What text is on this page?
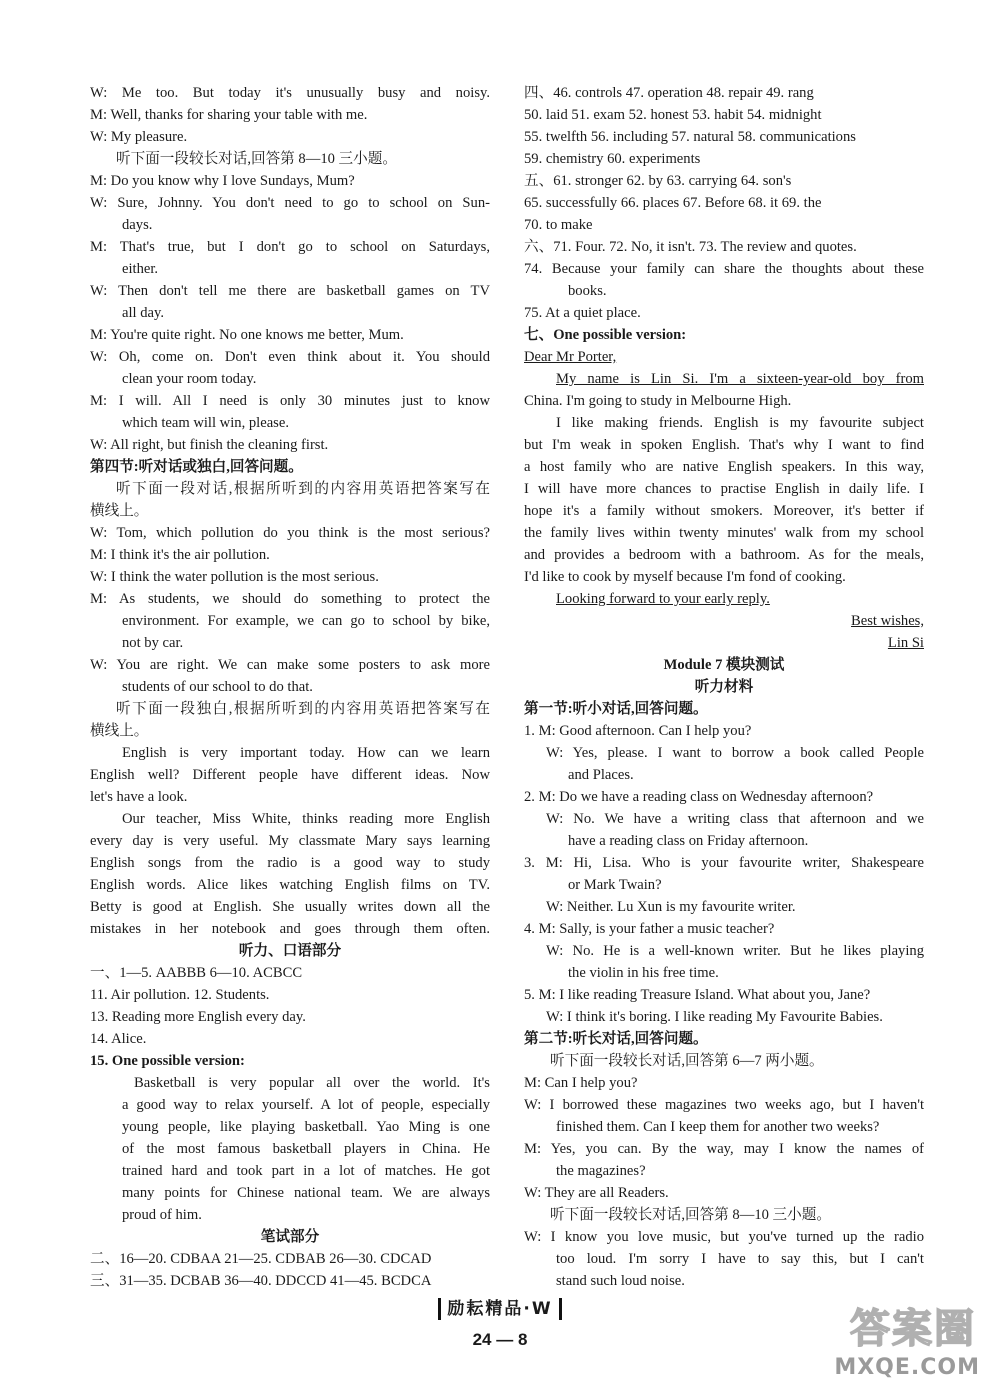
W: Me too. But today it's unusually busy and noisy.
M: Well, thanks for sharing your table with me.
W: My pleasure.
听下面一段较长对话,回答第 8—10 三小题。
M: Do you know why I love Sundays, Mum?
W: Sure, Johnny. You don't need to go to school on Sun-
days.
M: That's true, but I don't go to school on Saturdays,
either.
W: Then don't tell me there are basketball games on TV
all day.
M: You're quite right. No one knows me better, Mum.
W: Oh, come on. Don't even think about it. You should
clean your room today.
M: I will. All I need is only 30 minutes just to know
which team will win, please.
W: All right, but finish the cleaning first.
第四节:听对话或独白,回答问题。
听下面一段对话,根据所听到的内容用英语把答案写在
横线上。
W: Tom, which pollution do you think is the most serious?
M: I think it's the air pollution.
W: I think the water pollution is the most serious.
M: As students, we should do something to protect the
environment. For example, we can go to school by bike,
not by car.
W: You are right. We can make some posters to ask more
students of our school to do that.
听下面一段独白,根据所听到的内容用英语把答案写在
横线上。
English is very important today. How can we learn
English well? Different people have different ideas. Now
let's have a look.
Our teacher, Miss White, thinks reading more English
every day is very useful. My classmate Mary says learning
English songs from the radio is a good way to study
English words. Alice likes watching English films on TV.
Betty is good at English. She usually writes down all the
mistakes in her notebook and goes through them often.
听力、口语部分
一、1—5. AABBB 6—10. ACBCC
11. Air pollution. 12. Students.
13. Reading more English every day.
14. Alice.
15. One possible version:
Basketball is very popular all over the world. It's
a good way to relax yourself. A lot of people, especially
young people, like playing basketball. Yao Ming is one
of the most famous basketball players in China. He
trained hard and took part in a lot of matches. He got
many points for Chinese national team. We are always
proud of him.
笔试部分
二、16—20. CDBAA 21—25. CDBAB 26—30. CDCAD
三、31—35. DCBAB 36—40. DDCCD 41—45. BCDCA
四、46. controls 47. operation 48. repair 49. rang
50. laid 51. exam 52. honest 53. habit 54. midnight
55. twelfth 56. including 57. natural 58. communications
59. chemistry 60. experiments
五、61. stronger 62. by 63. carrying 64. son's
65. successfully 66. places 67. Before 68. it 69. the
70. to make
六、71. Four. 72. No, it isn't. 73. The review and quotes.
74. Because your family can share the thoughts about these
books.
75. At a quiet place.
七、One possible version:
Dear Mr Porter,
My name is Lin Si. I'm a sixteen-year-old boy from
China. I'm going to study in Melbourne High.
I like making friends. English is my favourite subject
but I'm weak in spoken English. That's why I want to find
a host family who are native English speakers. In this way,
I will have more chances to practise English in daily life. I
hope it's a family without smokers. Moreover, it's better if
the family lives within twenty minutes' walk from my school
and provides a bedroom with a bathroom. As for the meals,
I'd like to cook by myself because I'm fond of cooking.
Looking forward to your early reply.
Best wishes,
Lin Si
Module 7 模块测试
听力材料
第一节:听小对话,回答问题。
1. M: Good afternoon. Can I help you?
W: Yes, please. I want to borrow a book called People
and Places.
2. M: Do we have a reading class on Wednesday afternoon?
W: No. We have a writing class that afternoon and we
have a reading class on Friday afternoon.
3. M: Hi, Lisa. Who is your favourite writer, Shakespeare
or Mark Twain?
W: Neither. Lu Xun is my favourite writer.
4. M: Sally, is your father a music teacher?
W: No. He is a well-known writer. But he likes playing
the violin in his free time.
5. M: I like reading Treasure Island. What about you, Jane?
W: I think it's boring. I like reading My Favourite Babies.
第二节:听长对话,回答问题。
听下面一段较长对话,回答第 6—7 两小题。
M: Can I help you?
W: I borrowed these magazines two weeks ago, but I haven't
finished them. Can I keep them for another two weeks?
M: Yes, you can. By the way, may I know the names of
the magazines?
W: They are all Readers.
听下面一段较长对话,回答第 8—10 三小题。
W: I know you love music, but you've turned up the radio
too loud. I'm sorry I have to say this, but I can't
stand such loud noise.
励耘精品·W
24 — 8	答案圈
MXQE.COM
